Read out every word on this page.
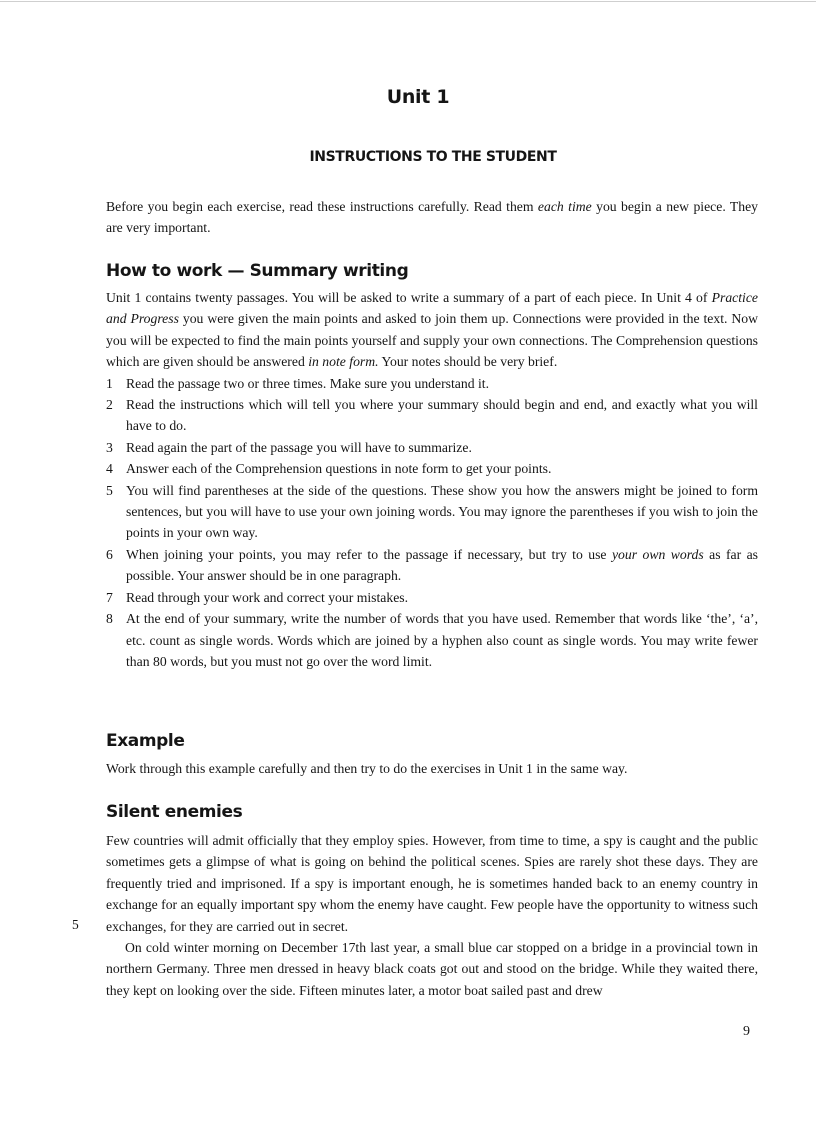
Unit 1
INSTRUCTIONS TO THE STUDENT
Before you begin each exercise, read these instructions carefully. Read them each time you begin a new piece. They are very important.
How to work — Summary writing
Unit 1 contains twenty passages. You will be asked to write a summary of a part of each piece. In Unit 4 of Practice and Progress you were given the main points and asked to join them up. Connections were provided in the text. Now you will be expected to find the main points yourself and supply your own connections. The Comprehension questions which are given should be answered in note form. Your notes should be very brief.
1 Read the passage two or three times. Make sure you understand it.
2 Read the instructions which will tell you where your summary should begin and end, and exactly what you will have to do.
3 Read again the part of the passage you will have to summarize.
4 Answer each of the Comprehension questions in note form to get your points.
5 You will find parentheses at the side of the questions. These show you how the answers might be joined to form sentences, but you will have to use your own joining words. You may ignore the parentheses if you wish to join the points in your own way.
6 When joining your points, you may refer to the passage if necessary, but try to use your own words as far as possible. Your answer should be in one paragraph.
7 Read through your work and correct your mistakes.
8 At the end of your summary, write the number of words that you have used. Remember that words like ‘the’, ‘a’, etc. count as single words. Words which are joined by a hyphen also count as single words. You may write fewer than 80 words, but you must not go over the word limit.
Example
Work through this example carefully and then try to do the exercises in Unit 1 in the same way.
Silent enemies
Few countries will admit officially that they employ spies. However, from time to time, a spy is caught and the public sometimes gets a glimpse of what is going on behind the political scenes. Spies are rarely shot these days. They are frequently tried and imprisoned. If a spy is important enough, he is sometimes handed back to an enemy country in exchange for an equally important spy whom the enemy have caught. Few people have the opportunity to witness such exchanges, for they are carried out in secret.
On cold winter morning on December 17th last year, a small blue car stopped on a bridge in a provincial town in northern Germany. Three men dressed in heavy black coats got out and stood on the bridge. While they waited there, they kept on looking over the side. Fifteen minutes later, a motor boat sailed past and drew
5
9
